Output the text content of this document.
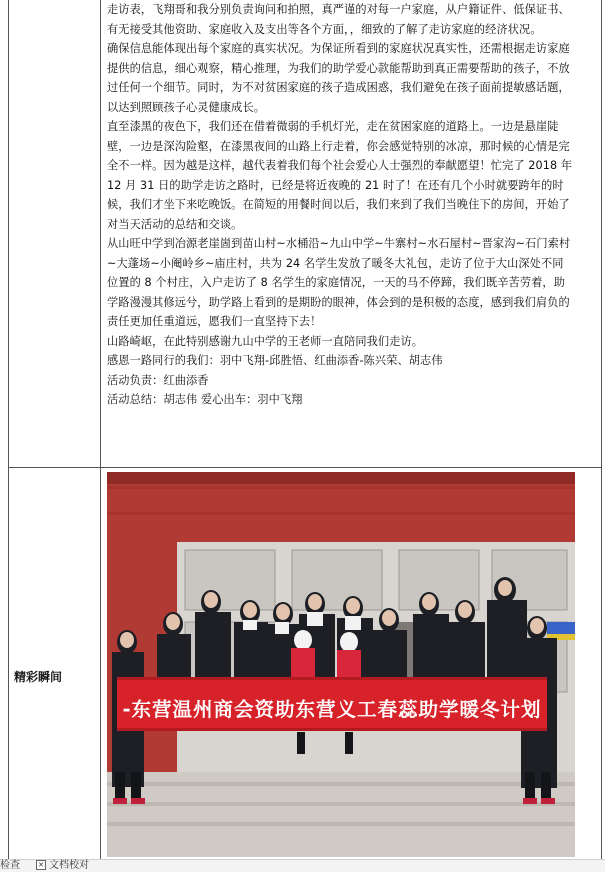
走访表，飞翔哥和我分别负责询问和拍照，真严谨的对每一户家庭，从户籍证件、低保证书、有无接受其他资助、家庭收入及支出等各个方面，，细致的了解了走访家庭的经济状况。

确保信息能体现出每个家庭的真实状况。为保证所看到的家庭状况真实性，还需根据走访家庭提供的信息，细心观察，精心推理，为我们的助学爱心款能帮助到真正需要帮助的孩子，不放过任何一个细节。同时，为不对贫困家庭的孩子造成困惑，我们避免在孩子面前提敏感话题，以达到照顾孩子心灵健康成长。

直至漆黑的夜色下，我们还在借着微弱的手机灯光，走在贫困家庭的道路上。一边是悬崖陡壁，一边是深沟险壑，在漆黑夜间的山路上行走着，你会感觉特别的冰凉，那时候的心情是完全不一样。因为越是这样，越代表着我们每个社会爱心人士强烈的奉献愿望！忙完了 2018 年 12 月 31 日的助学走访之路时，已经是将近夜晚的 21 时了！在还有几个小时就要跨年的时候，我们才坐下来吃晚饭。在简短的用餐时间以后，我们来到了我们当晚住下的房间，开始了对当天活动的总结和交谈。

从山旺中学到冶源老崖崮到苗山村~水桶沿~九山中学~牛寨村~水石屋村~晋家沟~石门索村~大蓬场~小阉岭乡~庙庄村，共为 24 名学生发放了暖冬大礼包，走访了位于大山深处不同位置的 8 个村庄，入户走访了 8 名学生的家庭情况，一天的马不停蹄，我们既辛苦劳着，助学路漫漫其修远兮，助学路上看到的是期盼的眼神，体会到的是积极的态度，感到我们肩负的责任更加任重道远，愿我们一直坚持下去！

山路崎岖，在此特别感谢九山中学的王老师一直陪同我们走访。

感恩一路同行的我们：羽中飞翔-邱胜悟、红曲添香-陈兴荣、胡志伟

活动负责：红曲添香

活动总结：胡志伟 爱心出车：羽中飞翔

精彩瞬间
-东营温州商会资助东营义工春蕊助学暖冬计划
检查	✕ 文档校对
